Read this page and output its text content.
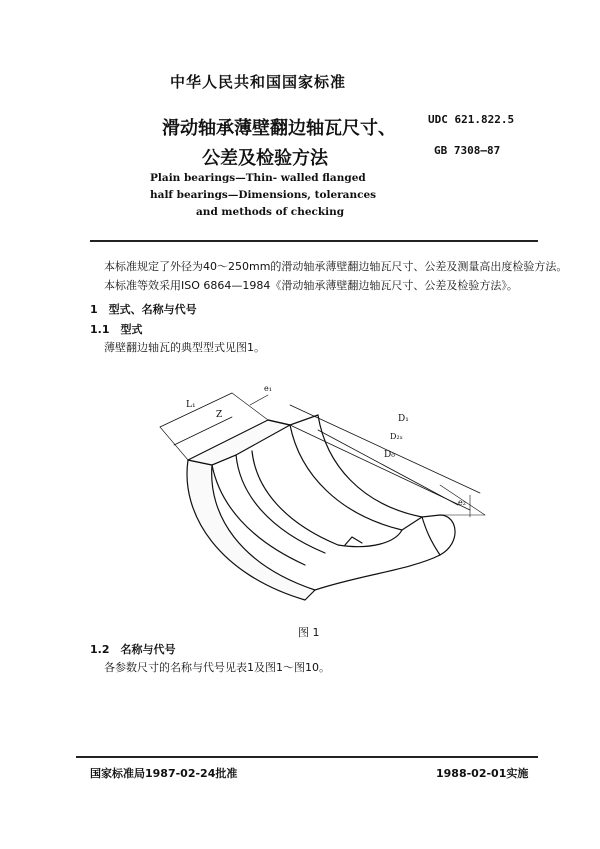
中华人民共和国国家标准
滑动轴承薄壁翻边轴瓦尺寸、
公差及检验方法
UDC 621.822.5
GB 7308—87
Plain bearings—Thin- walled flanged
half bearings—Dimensions, tolerances
and methods of checking
本标准规定了外径为40～250mm的滑动轴承薄壁翻边轴瓦尺寸、公差及测量高出度检验方法。
本标准等效采用ISO 6864—1984《滑动轴承薄壁翻边轴瓦尺寸、公差及检验方法》。
1　型式、名称与代号
1.1　型式
薄壁翻边轴瓦的典型型式见图1。
L₁
Z
e₁
D₁
D₂ₓ
D₀
e₂
图 1
1.2　名称与代号
各参数尺寸的名称与代号见表1及图1～图10。
国家标准局1987-02-24批准	1988-02-01实施
